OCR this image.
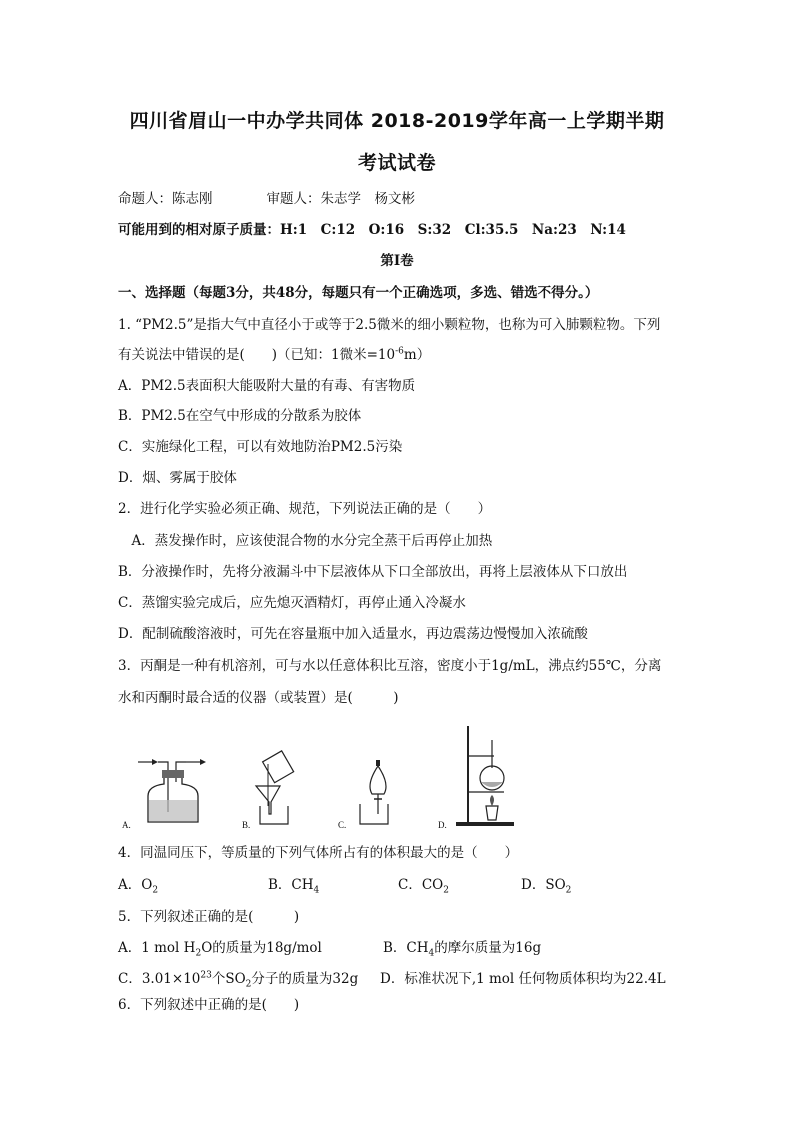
四川省眉山一中办学共同体 2018-2019学年高一上学期半期
考试试卷
命题人：陈志刚　　　　审题人：朱志学　杨文彬
可能用到的相对原子质量：H:1　C:12　O:16　S:32　Cl:35.5　Na:23　N:14
第Ⅰ卷
一、选择题（每题3分，共48分，每题只有一个正确选项，多选、错选不得分。）
1. “PM2.5”是指大气中直径小于或等于2.5微米的细小颗粒物，也称为可入肺颗粒物。下列
有关说法中错误的是(　　)（已知：1微米$=10^{-6}m$）
A．PM2.5表面积大能吸附大量的有毒、有害物质
B．PM2.5在空气中形成的分散系为胶体
C．实施绿化工程，可以有效地防治PM2.5污染
D．烟、雾属于胶体
2．进行化学实验必须正确、规范，下列说法正确的是（　　）
　A．蒸发操作时，应该使混合物的水分完全蒸干后再停止加热
B．分液操作时，先将分液漏斗中下层液体从下口全部放出，再将上层液体从下口放出
C．蒸馏实验完成后，应先熄灭酒精灯，再停止通入冷凝水
D．配制硫酸溶液时，可先在容量瓶中加入适量水，再边震荡边慢慢加入浓硫酸
3．丙酮是一种有机溶剂，可与水以任意体积比互溶，密度小于1g/mL，沸点约55℃，分离
水和丙酮时最合适的仪器（或装置）是(　　　)
A.	B.	C.	D.
4．同温同压下，等质量的下列气体所占有的体积最大的是（　　）
A．$O_2$	B．$CH_4$	C．$CO_2$	D．$SO_2$
5．下列叙述正确的是(　　　)
A．1 mol $H_2O$的质量为18g/mol	B．$CH_4$的摩尔质量为16g
C．$3.01\times 10^{23}$个$SO_2$分子的质量为32g D．标准状况下,1 mol 任何物质体积均为22.4L
6．下列叙述中正确的是(　　)
